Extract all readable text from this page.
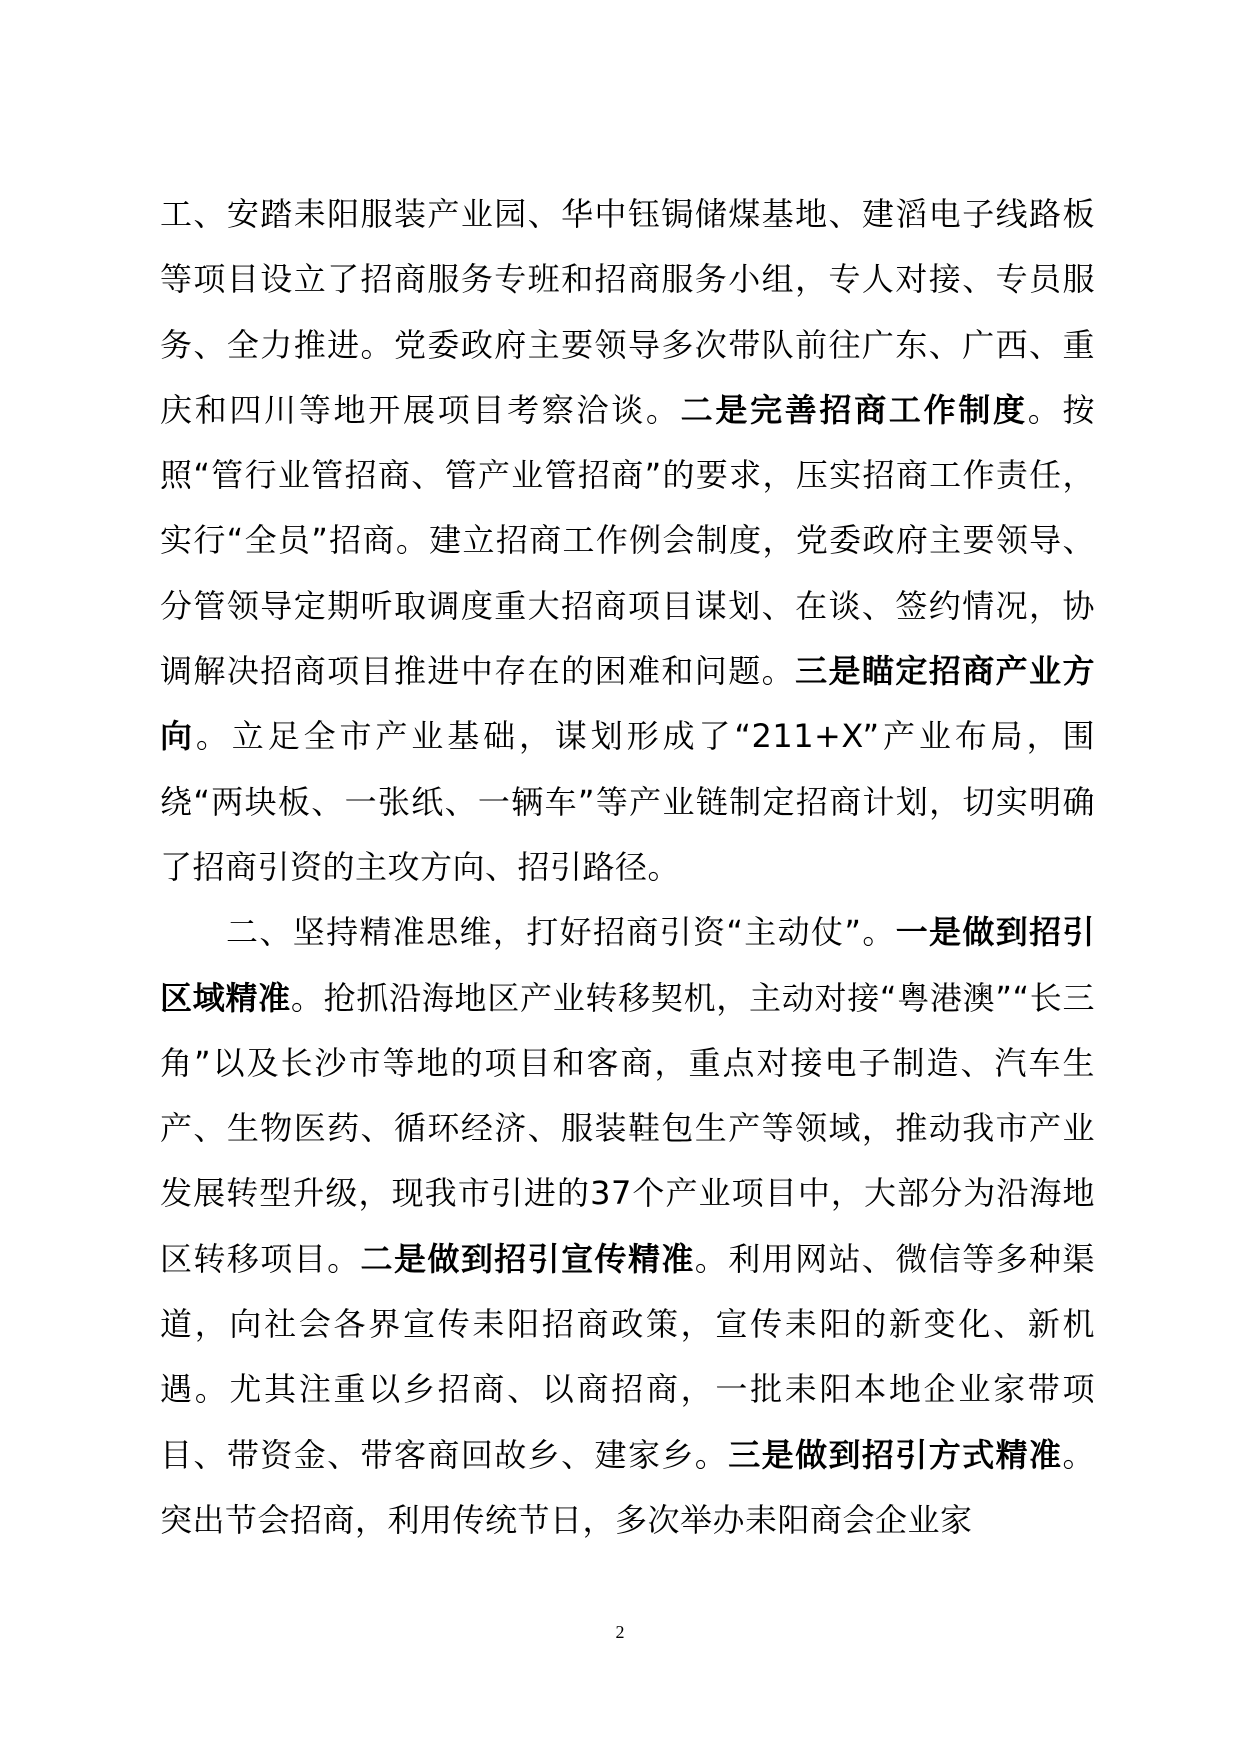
工、安踏耒阳服装产业园、华中钰锔储煤基地、建滔电子线路板等项目设立了招商服务专班和招商服务小组，专人对接、专员服务、全力推进。党委政府主要领导多次带队前往广东、广西、重庆和四川等地开展项目考察洽谈。二是完善招商工作制度。按照“管行业管招商、管产业管招商”的要求，压实招商工作责任，实行“全员”招商。建立招商工作例会制度，党委政府主要领导、分管领导定期听取调度重大招商项目谋划、在谈、签约情况，协调解决招商项目推进中存在的困难和问题。三是瞄定招商产业方向。立足全市产业基础，谋划形成了“211+X”产业布局，围绕“两块板、一张纸、一辆车”等产业链制定招商计划，切实明确了招商引资的主攻方向、招引路径。

二、坚持精准思维，打好招商引资“主动仗”。一是做到招引区域精准。抢抓沿海地区产业转移契机，主动对接“粤港澳”“长三角”以及长沙市等地的项目和客商，重点对接电子制造、汽车生产、生物医药、循环经济、服装鞋包生产等领域，推动我市产业发展转型升级，现我市引进的37个产业项目中，大部分为沿海地区转移项目。二是做到招引宣传精准。利用网站、微信等多种渠道，向社会各界宣传耒阳招商政策，宣传耒阳的新变化、新机遇。尤其注重以乡招商、以商招商，一批耒阳本地企业家带项目、带资金、带客商回故乡、建家乡。三是做到招引方式精准。突出节会招商，利用传统节日，多次举办耒阳商会企业家

2
